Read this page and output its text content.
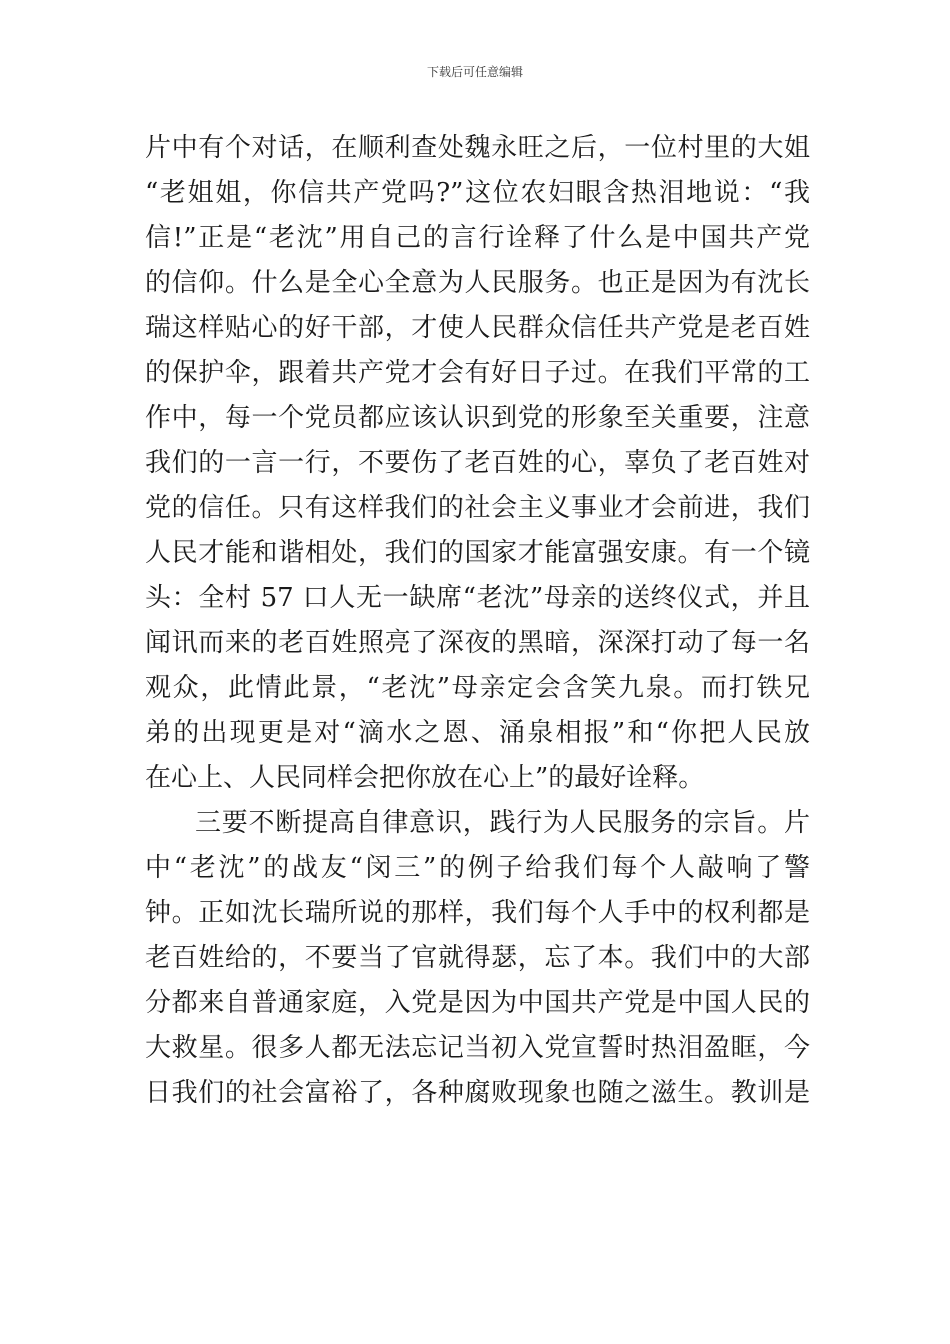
下载后可任意编辑
片中有个对话，在顺利查处魏永旺之后，一位村里的大姐
“老姐姐，你信共产党吗?”这位农妇眼含热泪地说：“我
信!”正是“老沈”用自己的言行诠释了什么是中国共产党
的信仰。什么是全心全意为人民服务。也正是因为有沈长
瑞这样贴心的好干部，才使人民群众信任共产党是老百姓
的保护伞，跟着共产党才会有好日子过。在我们平常的工
作中，每一个党员都应该认识到党的形象至关重要，注意
我们的一言一行，不要伤了老百姓的心，辜负了老百姓对
党的信任。只有这样我们的社会主义事业才会前进，我们
人民才能和谐相处，我们的国家才能富强安康。有一个镜
头：全村 57 口人无一缺席“老沈”母亲的送终仪式，并且
闻讯而来的老百姓照亮了深夜的黑暗，深深打动了每一名
观众，此情此景，“老沈”母亲定会含笑九泉。而打铁兄
弟的出现更是对“滴水之恩、涌泉相报”和“你把人民放
在心上、人民同样会把你放在心上”的最好诠释。
三要不断提高自律意识，践行为人民服务的宗旨。片
中“老沈”的战友“闵三”的例子给我们每个人敲响了警
钟。正如沈长瑞所说的那样，我们每个人手中的权利都是
老百姓给的，不要当了官就得瑟，忘了本。我们中的大部
分都来自普通家庭，入党是因为中国共产党是中国人民的
大救星。很多人都无法忘记当初入党宣誓时热泪盈眶，今
日我们的社会富裕了，各种腐败现象也随之滋生。教训是
